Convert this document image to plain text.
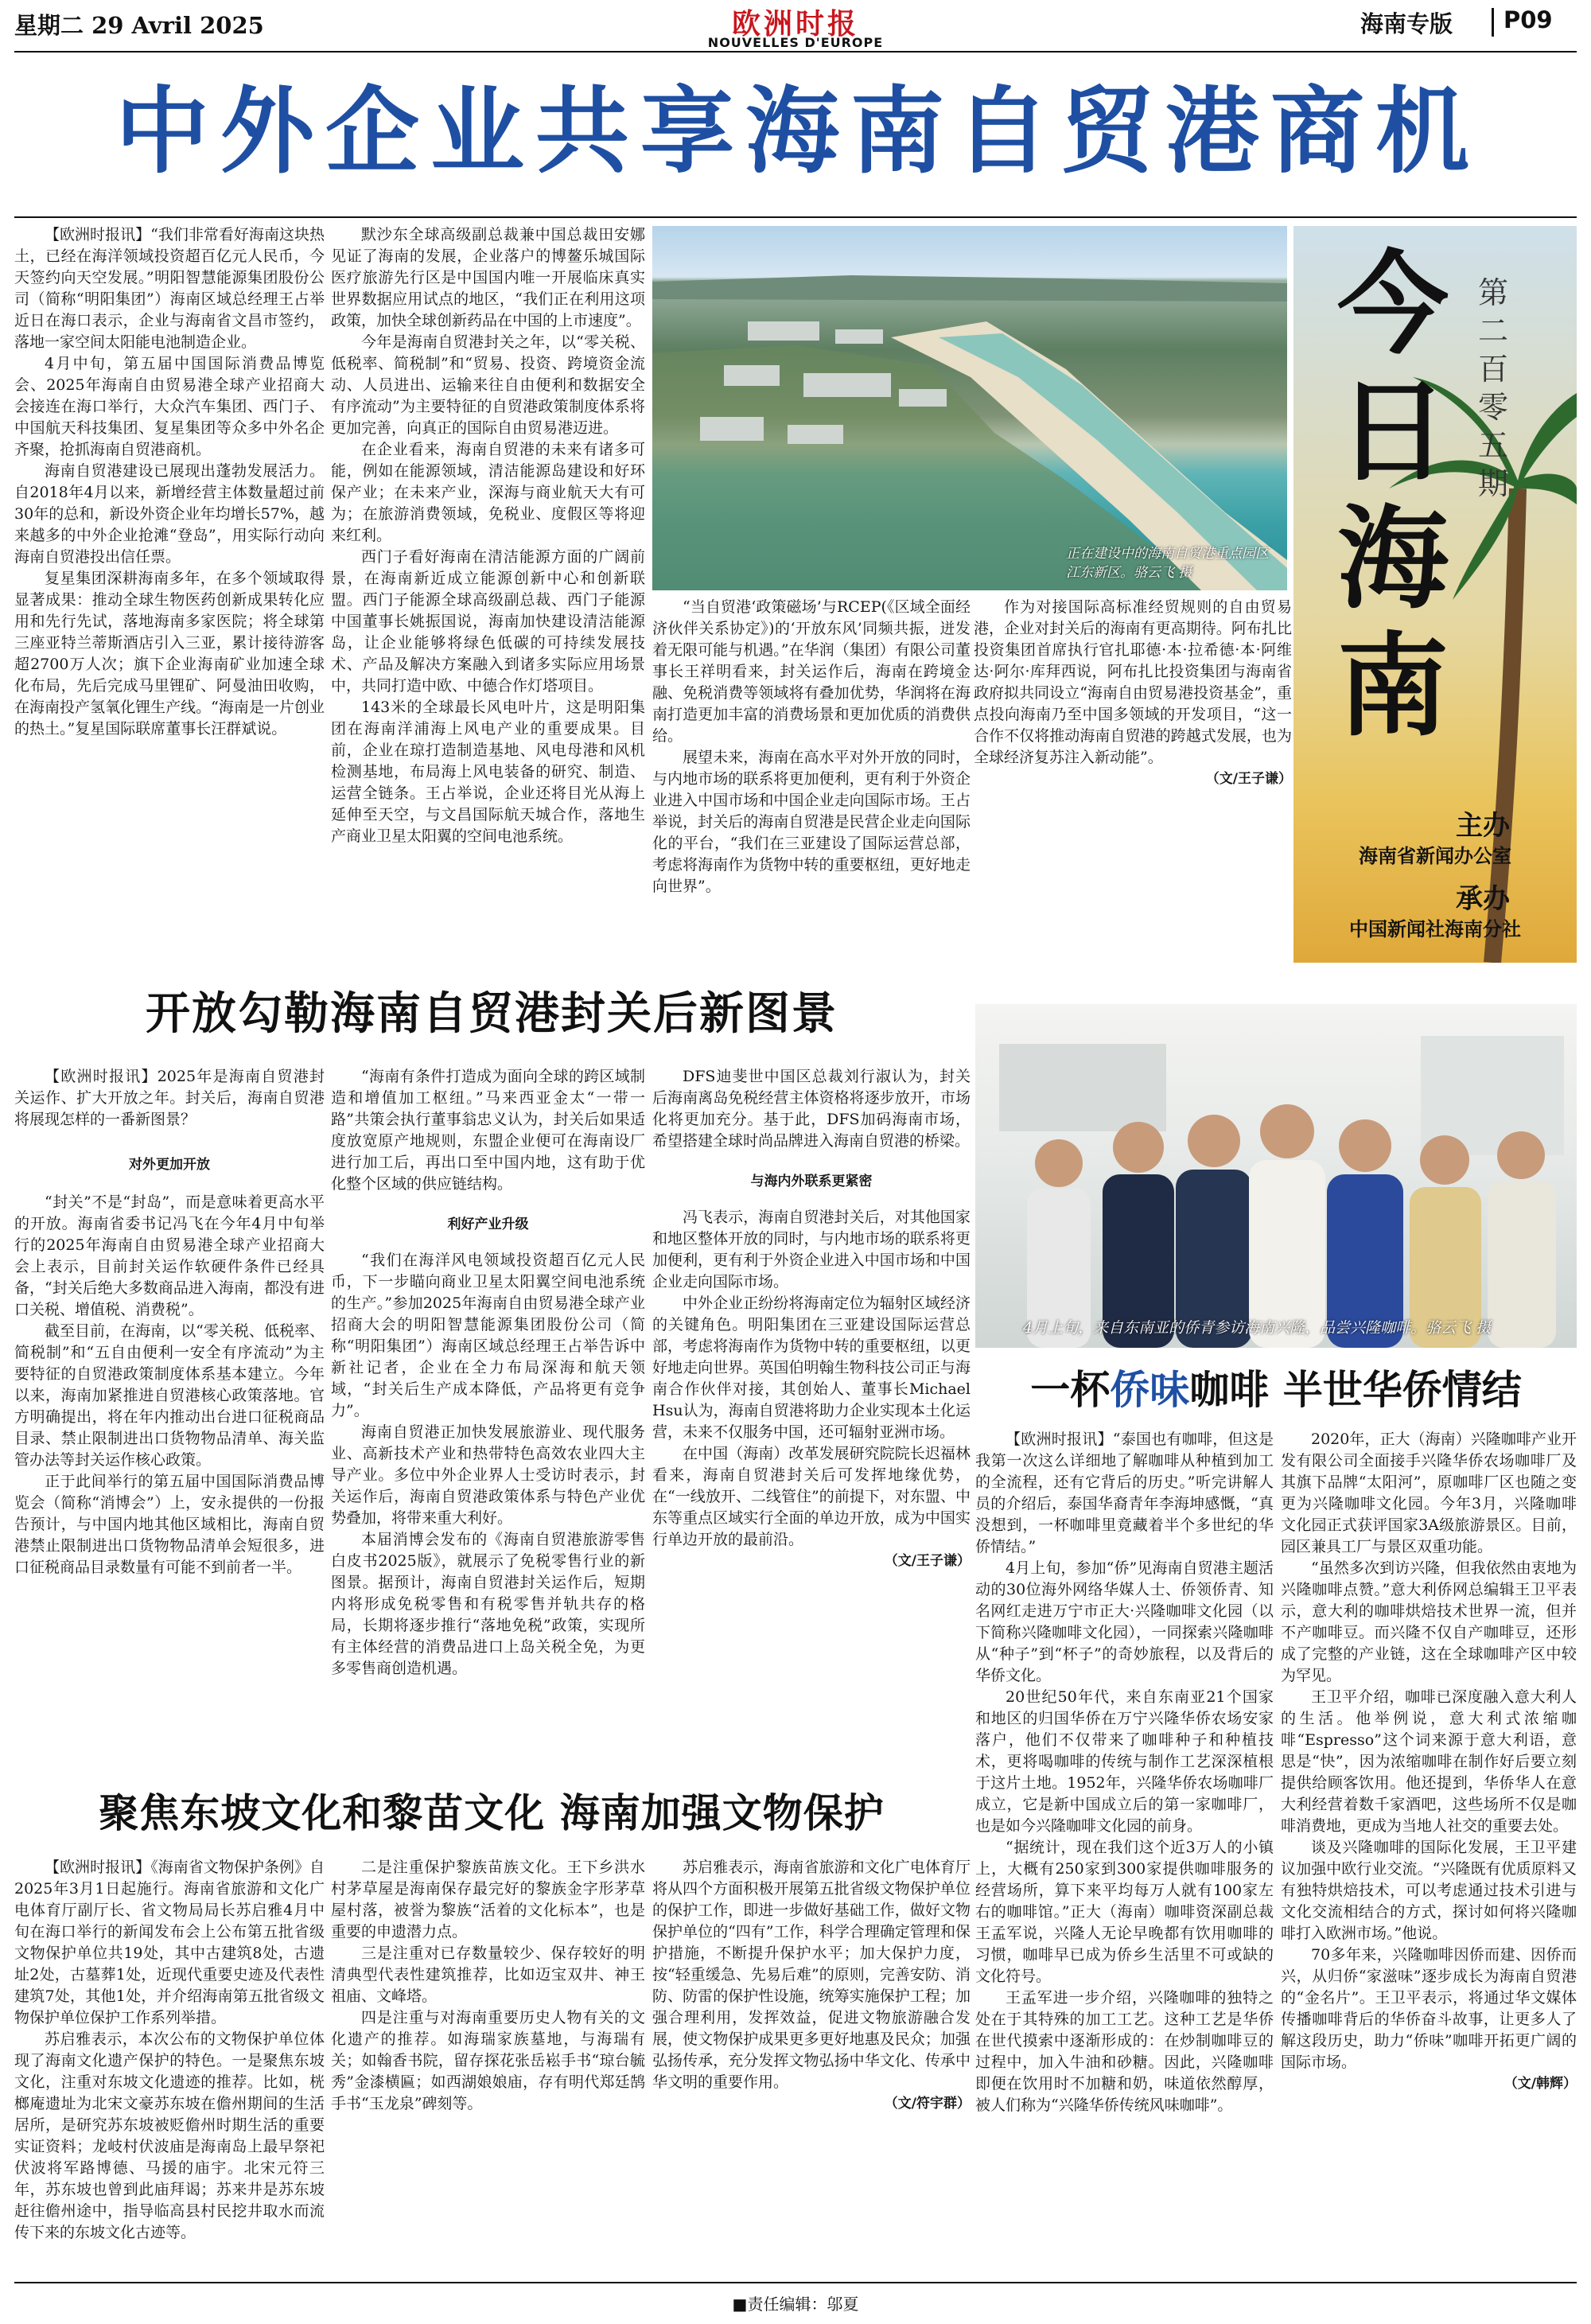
星期二 29 Avril 2025	欧洲时报
NOUVELLES D'EUROPE
海南专版 P09
中外企业共享海南自贸港商机

【欧洲时报讯】“我们非常看好海南这块热土，已经在海洋领域投资超百亿元人民币，今天签约向天空发展。”明阳智慧能源集团股份公司（简称“明阳集团”）海南区域总经理王占举近日在海口表示，企业与海南省文昌市签约，落地一家空间太阳能电池制造企业。

4月中旬，第五届中国国际消费品博览会、2025年海南自由贸易港全球产业招商大会接连在海口举行，大众汽车集团、西门子、中国航天科技集团、复星集团等众多中外名企齐聚，抢抓海南自贸港商机。

海南自贸港建设已展现出蓬勃发展活力。自2018年4月以来，新增经营主体数量超过前30年的总和，新设外资企业年均增长57%，越来越多的中外企业抢滩“登岛”，用实际行动向海南自贸港投出信任票。

复星集团深耕海南多年，在多个领域取得显著成果：推动全球生物医药创新成果转化应用和先行先试，落地海南多家医院；将全球第三座亚特兰蒂斯酒店引入三亚，累计接待游客超2700万人次；旗下企业海南矿业加速全球化布局，先后完成马里锂矿、阿曼油田收购，在海南投产氢氧化锂生产线。“海南是一片创业的热土。”复星国际联席董事长汪群斌说。

默沙东全球高级副总裁兼中国总裁田安娜见证了海南的发展，企业落户的博鳌乐城国际医疗旅游先行区是中国国内唯一开展临床真实世界数据应用试点的地区，“我们正在利用这项政策，加快全球创新药品在中国的上市速度”。

今年是海南自贸港封关之年，以“零关税、低税率、简税制”和“贸易、投资、跨境资金流动、人员进出、运输来往自由便利和数据安全有序流动”为主要特征的自贸港政策制度体系将更加完善，向真正的国际自由贸易港迈进。

在企业看来，海南自贸港的未来有诸多可能，例如在能源领域，清洁能源岛建设和好环保产业；在未来产业，深海与商业航天大有可为；在旅游消费领域，免税业、度假区等将迎来红利。

西门子看好海南在清洁能源方面的广阔前景，在海南新近成立能源创新中心和创新联盟。西门子能源全球高级副总裁、西门子能源中国董事长姚振国说，海南加快建设清洁能源岛，让企业能够将绿色低碳的可持续发展技术、产品及解决方案融入到诸多实际应用场景中，共同打造中欧、中德合作灯塔项目。

143米的全球最长风电叶片，这是明阳集团在海南洋浦海上风电产业的重要成果。目前，企业在琼打造制造基地、风电母港和风机检测基地，布局海上风电装备的研究、制造、运营全链条。王占举说，企业还将目光从海上延伸至天空，与文昌国际航天城合作，落地生产商业卫星太阳翼的空间电池系统。

“当自贸港‘政策磁场’与RCEP(《区域全面经济伙伴关系协定》)的‘开放东风’同频共振，迸发着无限可能与机遇。”在华润（集团）有限公司董事长王祥明看来，封关运作后，海南在跨境金融、免税消费等领域将有叠加优势，华润将在海南打造更加丰富的消费场景和更加优质的消费供给。

展望未来，海南在高水平对外开放的同时，与内地市场的联系将更加便利，更有利于外资企业进入中国市场和中国企业走向国际市场。王占举说，封关后的海南自贸港是民营企业走向国际化的平台，“我们在三亚建设了国际运营总部，考虑将海南作为货物中转的重要枢纽，更好地走向世界”。

作为对接国际高标准经贸规则的自由贸易港，企业对封关后的海南有更高期待。阿布扎比投资集团首席执行官扎耶德·本·拉希德·本·阿维达·阿尔·库拜西说，阿布扎比投资集团与海南省政府拟共同设立“海南自由贸易港投资基金”，重点投向海南乃至中国多领域的开发项目，“这一合作不仅将推动海南自贸港的跨越式发展，也为全球经济复苏注入新动能”。

（文/王子谦）
正在建设中的海南自贸港重点园区江东新区。骆云飞 摄
今日海南
第二百零五期
主办
海南省新闻办公室
承办
中国新闻社海南分社
开放勾勒海南自贸港封关后新图景

【欧洲时报讯】2025年是海南自贸港封关运作、扩大开放之年。封关后，海南自贸港将展现怎样的一番新图景？

对外更加开放

“封关”不是“封岛”，而是意味着更高水平的开放。海南省委书记冯飞在今年4月中旬举行的2025年海南自由贸易港全球产业招商大会上表示，目前封关运作软硬件条件已经具备，“封关后绝大多数商品进入海南，都没有进口关税、增值税、消费税”。

截至目前，在海南，以“零关税、低税率、简税制”和“五自由便利一安全有序流动”为主要特征的自贸港政策制度体系基本建立。今年以来，海南加紧推进自贸港核心政策落地。官方明确提出，将在年内推动出台进口征税商品目录、禁止限制进出口货物物品清单、海关监管办法等封关运作核心政策。

正于此间举行的第五届中国国际消费品博览会（简称“消博会”）上，安永提供的一份报告预计，与中国内地其他区域相比，海南自贸港禁止限制进出口货物物品清单会短很多，进口征税商品目录数量有可能不到前者一半。

“海南有条件打造成为面向全球的跨区域制造和增值加工枢纽。”马来西亚金太“一带一路”共策会执行董事翁忠义认为，封关后如果适度放宽原产地规则，东盟企业便可在海南设厂进行加工后，再出口至中国内地，这有助于优化整个区域的供应链结构。

利好产业升级

“我们在海洋风电领域投资超百亿元人民币，下一步瞄向商业卫星太阳翼空间电池系统的生产。”参加2025年海南自由贸易港全球产业招商大会的明阳智慧能源集团股份公司（简称“明阳集团”）海南区域总经理王占举告诉中新社记者，企业在全力布局深海和航天领域，“封关后生产成本降低，产品将更有竞争力”。

海南自贸港正加快发展旅游业、现代服务业、高新技术产业和热带特色高效农业四大主导产业。多位中外企业界人士受访时表示，封关运作后，海南自贸港政策体系与特色产业优势叠加，将带来重大利好。

本届消博会发布的《海南自贸港旅游零售白皮书2025版》，就展示了免税零售行业的新图景。据预计，海南自贸港封关运作后，短期内将形成免税零售和有税零售并轨共存的格局，长期将逐步推行“落地免税”政策，实现所有主体经营的消费品进口上岛关税全免，为更多零售商创造机遇。

DFS迪斐世中国区总裁刘行淑认为，封关后海南离岛免税经营主体资格将逐步放开，市场化将更加充分。基于此，DFS加码海南市场，希望搭建全球时尚品牌进入海南自贸港的桥梁。

与海内外联系更紧密

冯飞表示，海南自贸港封关后，对其他国家和地区整体开放的同时，与内地市场的联系将更加便利，更有利于外资企业进入中国市场和中国企业走向国际市场。

中外企业正纷纷将海南定位为辐射区域经济的关键角色。明阳集团在三亚建设国际运营总部，考虑将海南作为货物中转的重要枢纽，以更好地走向世界。英国伯明翰生物科技公司正与海南合作伙伴对接，其创始人、董事长Michael Hsu认为，海南自贸港将助力企业实现本土化运营，未来不仅服务中国，还可辐射亚洲市场。

在中国（海南）改革发展研究院院长迟福林看来，海南自贸港封关后可发挥地缘优势，在“一线放开、二线管住”的前提下，对东盟、中东等重点区域实行全面的单边开放，成为中国实行单边开放的最前沿。

（文/王子谦）
4月上旬，来自东南亚的侨青参访海南兴隆，品尝兴隆咖啡。骆云飞 摄
一杯侨味咖啡 半世华侨情结

【欧洲时报讯】“泰国也有咖啡，但这是我第一次这么详细地了解咖啡从种植到加工的全流程，还有它背后的历史。”听完讲解人员的介绍后，泰国华裔青年李海坤感慨，“真没想到，一杯咖啡里竟藏着半个多世纪的华侨情结。”

4月上旬，参加“侨”见海南自贸港主题活动的30位海外网络华媒人士、侨领侨青、知名网红走进万宁市正大·兴隆咖啡文化园（以下简称兴隆咖啡文化园），一同探索兴隆咖啡从“种子”到“杯子”的奇妙旅程，以及背后的华侨文化。

20世纪50年代，来自东南亚21个国家和地区的归国华侨在万宁兴隆华侨农场安家落户，他们不仅带来了咖啡种子和种植技术，更将喝咖啡的传统与制作工艺深深植根于这片土地。1952年，兴隆华侨农场咖啡厂成立，它是新中国成立后的第一家咖啡厂，也是如今兴隆咖啡文化园的前身。

“据统计，现在我们这个近3万人的小镇上，大概有250家到300家提供咖啡服务的经营场所，算下来平均每万人就有100家左右的咖啡馆。”正大（海南）咖啡资深副总裁王孟军说，兴隆人无论早晚都有饮用咖啡的习惯，咖啡早已成为侨乡生活里不可或缺的文化符号。

王孟军进一步介绍，兴隆咖啡的独特之处在于其特殊的加工工艺。这种工艺是华侨在世代摸索中逐渐形成的：在炒制咖啡豆的过程中，加入牛油和砂糖。因此，兴隆咖啡即便在饮用时不加糖和奶，味道依然醇厚，被人们称为“兴隆华侨传统风味咖啡”。

2020年，正大（海南）兴隆咖啡产业开发有限公司全面接手兴隆华侨农场咖啡厂及其旗下品牌“太阳河”，原咖啡厂区也随之变更为兴隆咖啡文化园。今年3月，兴隆咖啡文化园正式获评国家3A级旅游景区。目前，园区兼具工厂与景区双重功能。

“虽然多次到访兴隆，但我依然由衷地为兴隆咖啡点赞。”意大利侨网总编辑王卫平表示，意大利的咖啡烘焙技术世界一流，但并不产咖啡豆。而兴隆不仅自产咖啡豆，还形成了完整的产业链，这在全球咖啡产区中较为罕见。

王卫平介绍，咖啡已深度融入意大利人的生活。他举例说，意大利式浓缩咖啡“Espresso”这个词来源于意大利语，意思是“快”，因为浓缩咖啡在制作好后要立刻提供给顾客饮用。他还提到，华侨华人在意大利经营着数千家酒吧，这些场所不仅是咖啡消费地，更成为当地人社交的重要去处。

谈及兴隆咖啡的国际化发展，王卫平建议加强中欧行业交流。“兴隆既有优质原料又有独特烘焙技术，可以考虑通过技术引进与文化交流相结合的方式，探讨如何将兴隆咖啡打入欧洲市场。”他说。

70多年来，兴隆咖啡因侨而建、因侨而兴，从归侨“家滋味”逐步成长为海南自贸港的“金名片”。王卫平表示，将通过华文媒体传播咖啡背后的华侨奋斗故事，让更多人了解这段历史，助力“侨味”咖啡开拓更广阔的国际市场。

（文/韩辉）
聚焦东坡文化和黎苗文化 海南加强文物保护

【欧洲时报讯】《海南省文物保护条例》自2025年3月1日起施行。海南省旅游和文化广电体育厅副厅长、省文物局局长苏启雅4月中旬在海口举行的新闻发布会上公布第五批省级文物保护单位共19处，其中古建筑8处，古遗址2处，古墓葬1处，近现代重要史迹及代表性建筑7处，其他1处，并介绍海南第五批省级文物保护单位保护工作系列举措。

苏启雅表示，本次公布的文物保护单位体现了海南文化遗产保护的特色。一是聚焦东坡文化，注重对东坡文化遗迹的推荐。比如，桄榔庵遗址为北宋文豪苏东坡在儋州期间的生活居所，是研究苏东坡被贬儋州时期生活的重要实证资料；龙岐村伏波庙是海南岛上最早祭祀伏波将军路博德、马援的庙宇。北宋元符三年，苏东坡也曾到此庙拜谒；苏来井是苏东坡赶往儋州途中，指导临高县村民挖井取水而流传下来的东坡文化古迹等。

二是注重保护黎族苗族文化。王下乡洪水村茅草屋是海南保存最完好的黎族金字形茅草屋村落，被誉为黎族“活着的文化标本”，也是重要的申遗潜力点。

三是注重对已存数量较少、保存较好的明清典型代表性建筑推荐，比如迈宝双井、神王祖庙、文峰塔。

四是注重与对海南重要历史人物有关的文化遗产的推荐。如海瑞家族墓地，与海瑞有关；如翰香书院，留存探花张岳崧手书“琼台毓秀”金漆横匾；如西湖娘娘庙，存有明代郑廷鹄手书“玉龙泉”碑刻等。

苏启雅表示，海南省旅游和文化广电体育厅将从四个方面积极开展第五批省级文物保护单位的保护工作，即进一步做好基础工作，做好文物保护单位的“四有”工作，科学合理确定管理和保护措施，不断提升保护水平；加大保护力度，按“轻重缓急、先易后难”的原则，完善安防、消防、防雷的保护性设施，统筹实施保护工程；加强合理利用，发挥效益，促进文物旅游融合发展，使文物保护成果更多更好地惠及民众；加强弘扬传承，充分发挥文物弘扬中华文化、传承中华文明的重要作用。

（文/符宇群）
■责任编辑：邬夏
